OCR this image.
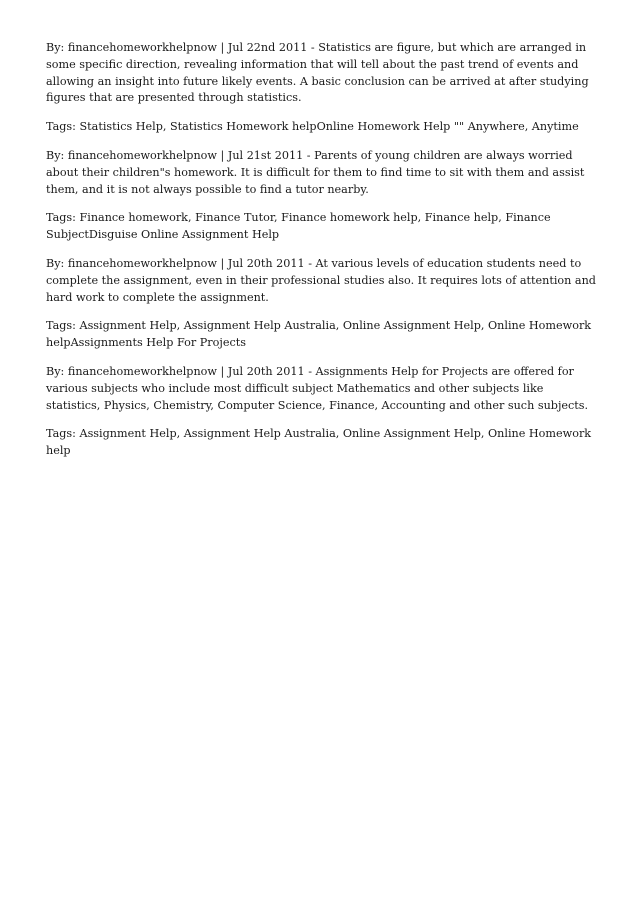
By: financehomeworkhelpnow | Jul 22nd 2011 - Statistics are figure, but which are arranged in some specific direction, revealing information that will tell about the past trend of events and allowing an insight into future likely events. A basic conclusion can be arrived at after studying figures that are presented through statistics.

Tags: Statistics Help, Statistics Homework helpOnline Homework Help "" Anywhere, Anytime

By: financehomeworkhelpnow | Jul 21st 2011 - Parents of young children are always worried about their children"s homework. It is difficult for them to find time to sit with them and assist them, and it is not always possible to find a tutor nearby.

Tags: Finance homework, Finance Tutor, Finance homework help, Finance help, Finance SubjectDisguise Online Assignment Help

By: financehomeworkhelpnow | Jul 20th 2011 - At various levels of education students need to complete the assignment, even in their professional studies also. It requires lots of attention and hard work to complete the assignment.

Tags: Assignment Help, Assignment Help Australia, Online Assignment Help, Online Homework helpAssignments Help For Projects

By: financehomeworkhelpnow | Jul 20th 2011 - Assignments Help for Projects are offered for various subjects who include most difficult subject Mathematics and other subjects like statistics, Physics, Chemistry, Computer Science, Finance, Accounting and other such subjects.

Tags: Assignment Help, Assignment Help Australia, Online Assignment Help, Online Homework help
